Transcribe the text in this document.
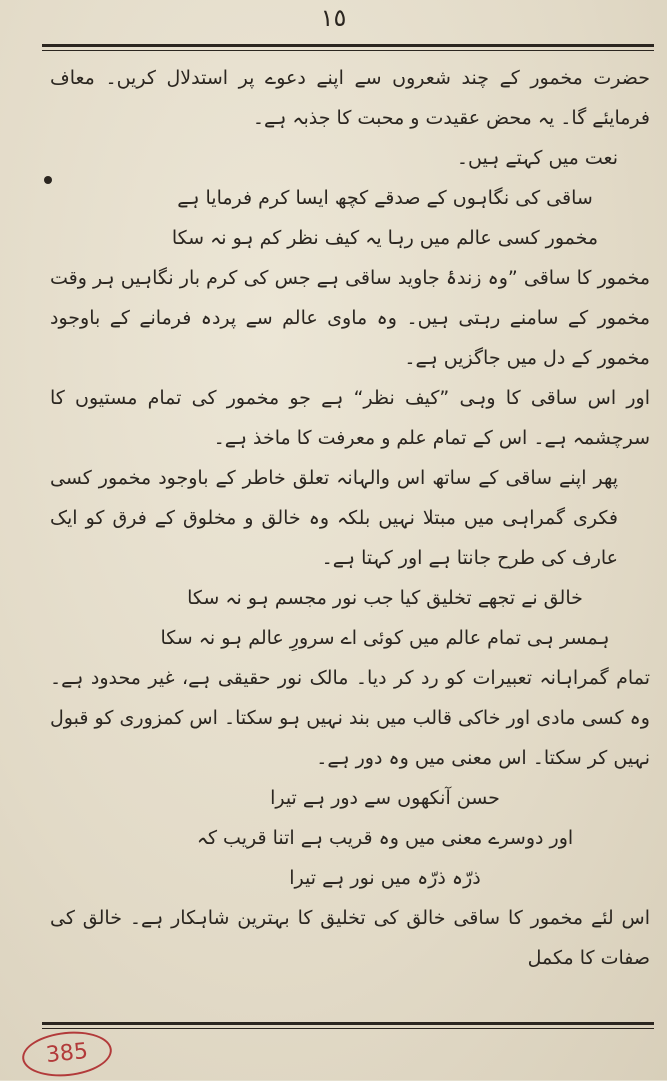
١٥

حضرت مخمور کے چند شعروں سے اپنے دعوے پر استدلال کریں۔ معاف فرمایئے گا۔ یہ محض عقیدت و محبت کا جذبہ ہے۔

نعت میں کہتے ہیں۔

ساقی کی نگاہوں کے صدقے کچھ ایسا کرم فرمایا ہے

مخمور کسی عالم میں رہا یہ کیف نظر کم ہو نہ سکا

مخمور کا ساقی ”وہ زندۂ جاوید ساقی ہے جس کی کرم بار نگاہیں ہر وقت مخمور کے سامنے رہتی ہیں۔ وہ ماوی عالم سے پردہ فرمانے کے باوجود مخمور کے دل میں جاگزیں ہے۔

اور اس ساقی کا وہی ”کیف نظر“ ہے جو مخمور کی تمام مستیوں کا سرچشمہ ہے۔ اس کے تمام علم و معرفت کا ماخذ ہے۔

پھر اپنے ساقی کے ساتھ اس والہانہ تعلق خاطر کے باوجود مخمور کسی فکری گمراہی میں مبتلا نہیں بلکہ وہ خالق و مخلوق کے فرق کو ایک عارف کی طرح جانتا ہے اور کہتا ہے۔

خالق نے تجھے تخلیق کیا جب نور مجسم ہو نہ سکا

ہمسر ہی تمام عالم میں کوئی اے سرورِ عالم ہو نہ سکا

تمام گمراہانہ تعبیرات کو رد کر دیا۔ مالک نور حقیقی ہے، غیر محدود ہے۔ وہ کسی مادی اور خاکی قالب میں بند نہیں ہو سکتا۔ اس کمزوری کو قبول نہیں کر سکتا۔ اس معنی میں وہ دور ہے۔

حسن آنکھوں سے دور ہے تیرا

اور دوسرے معنی میں وہ قریب ہے اتنا قریب کہ

ذرّہ ذرّہ میں نور ہے تیرا

اس لئے مخمور کا ساقی خالق کی تخلیق کا بہترین شاہکار ہے۔ خالق کی صفات کا مکمل

385
